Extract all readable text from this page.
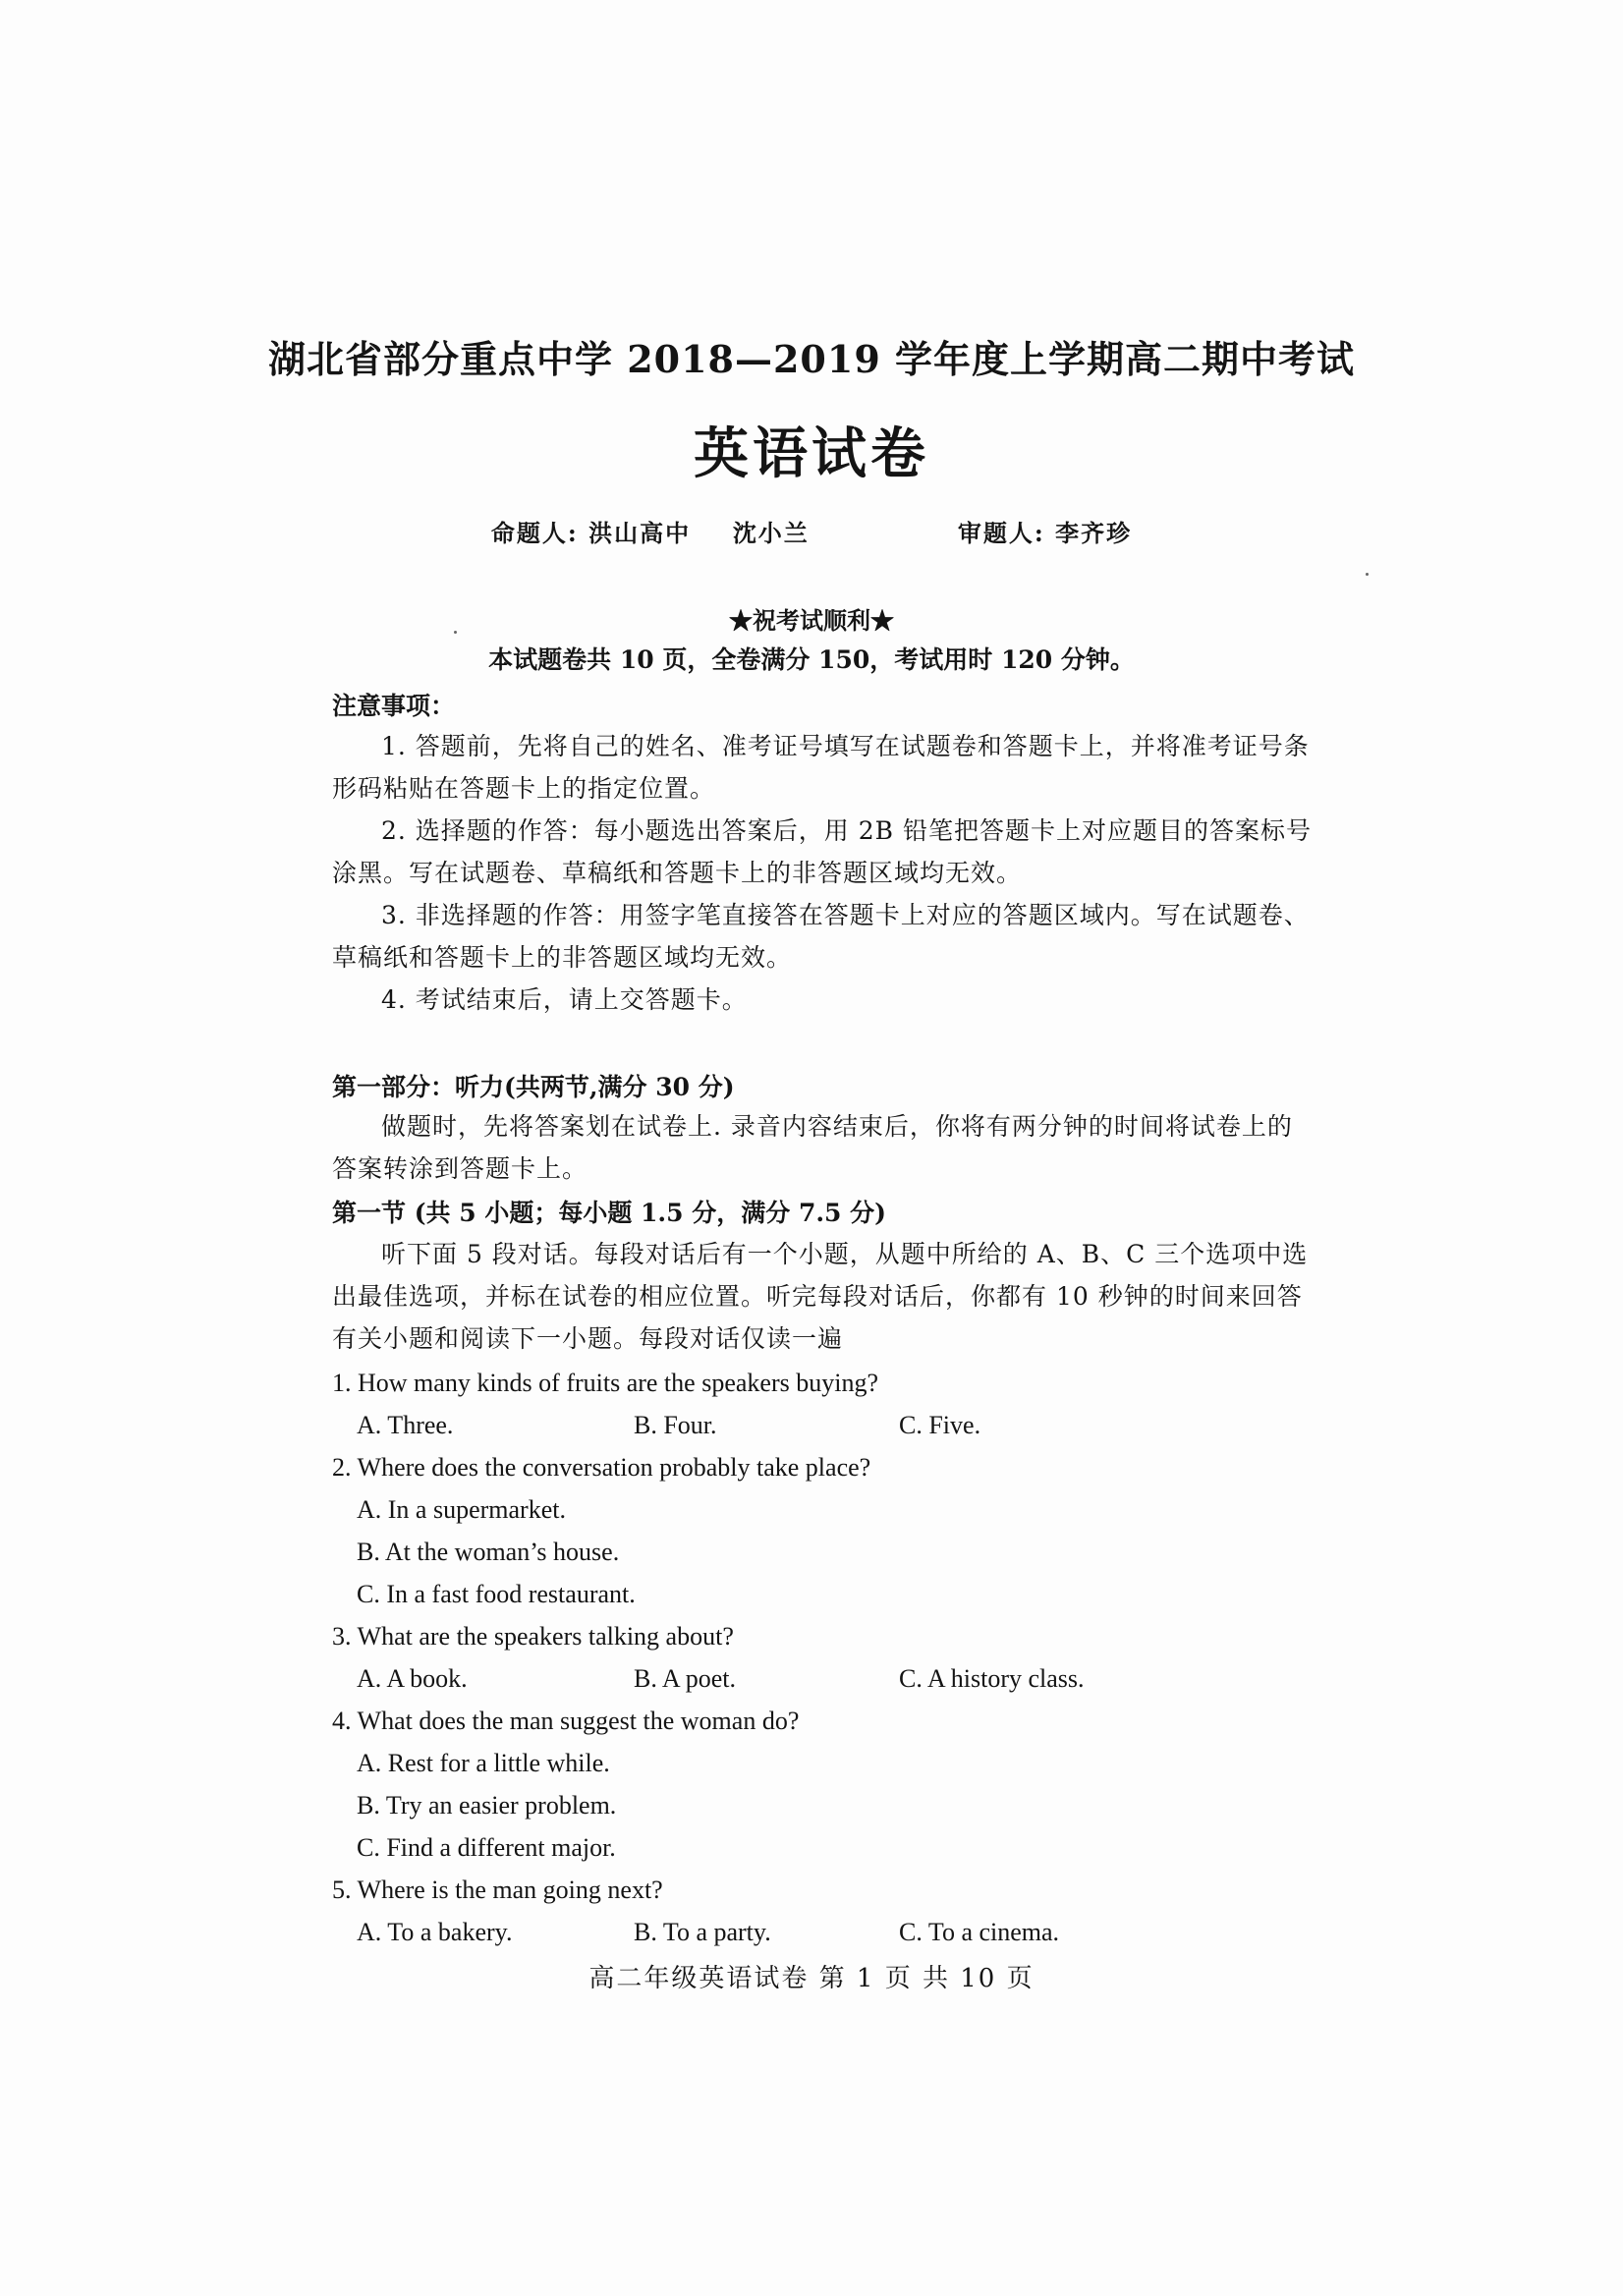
湖北省部分重点中学 2018—2019 学年度上学期高二期中考试
英语试卷
命题人: 洪山高中 沈小兰	审题人: 李齐珍
★祝考试顺利★
本试题卷共 10 页，全卷满分 150，考试用时 120 分钟。
注意事项：

1. 答题前，先将自己的姓名、准考证号填写在试题卷和答题卡上，并将准考证号条形码粘贴在答题卡上的指定位置。

2. 选择题的作答：每小题选出答案后，用 2B 铅笔把答题卡上对应题目的答案标号涂黑。写在试题卷、草稿纸和答题卡上的非答题区域均无效。

3. 非选择题的作答：用签字笔直接答在答题卡上对应的答题区域内。写在试题卷、草稿纸和答题卡上的非答题区域均无效。

4. 考试结束后，请上交答题卡。

第一部分：听力(共两节,满分 30 分)
做题时，先将答案划在试卷上. 录音内容结束后，你将有两分钟的时间将试卷上的答案转涂到答题卡上。
第一节 (共 5 小题；每小题 1.5 分，满分 7.5 分)
听下面 5 段对话。每段对话后有一个小题，从题中所给的 A、B、C 三个选项中选出最佳选项，并标在试卷的相应位置。听完每段对话后，你都有 10 秒钟的时间来回答有关小题和阅读下一小题。每段对话仅读一遍

1. How many kinds of fruits are the speakers buying?

A. Three.	B. Four.	C. Five.

2. Where does the conversation probably take place?

A. In a supermarket.

B. At the woman’s house.

C. In a fast food restaurant.

3. What are the speakers talking about?

A. A book.	B. A poet.	C. A history class.

4. What does the man suggest the woman do?

A. Rest for a little while.

B. Try an easier problem.

C. Find a different major.

5. Where is the man going next?

A. To a bakery.	B. To a party.	C. To a cinema.
高二年级英语试卷 第 1 页 共 10 页
